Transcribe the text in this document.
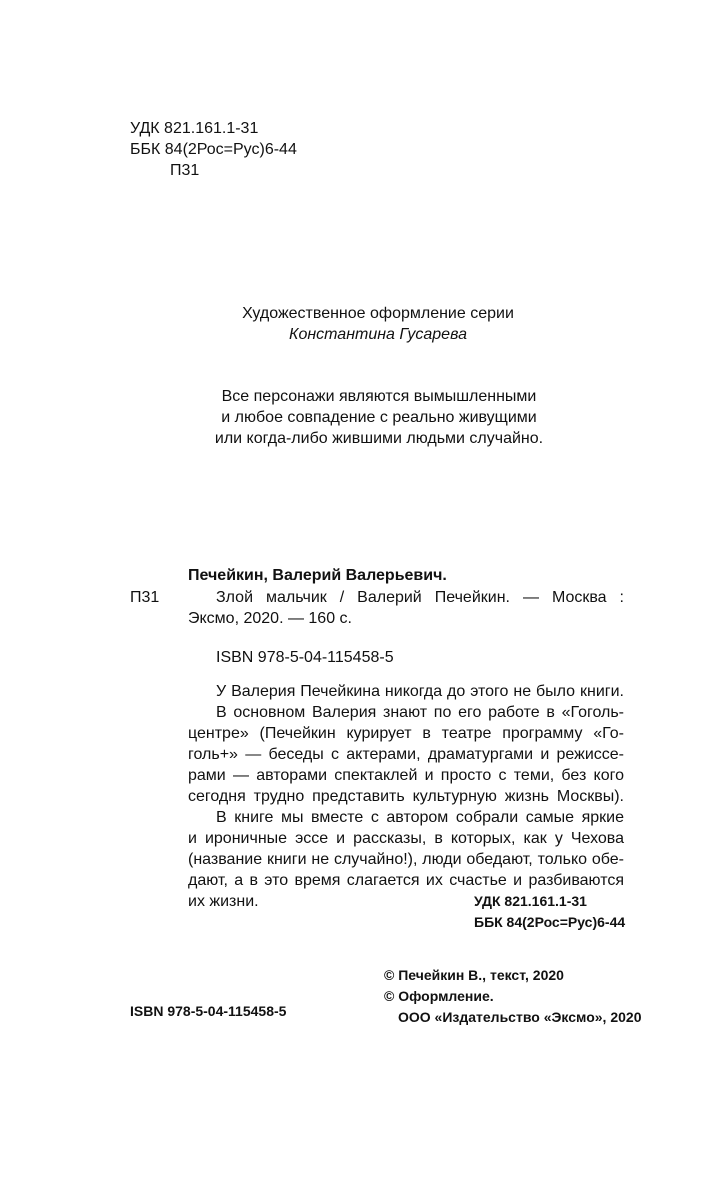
УДК 821.161.1-31
ББК 84(2Рос=Рус)6-44
П31
Художественное оформление серии
Константина Гусарева
Все персонажи являются вымышленными
и любое совпадение с реально живущими
или когда-либо жившими людьми случайно.
Печейкин, Валерий Валерьевич.
П31	Злой мальчик / Валерий Печейкин. — Москва :
Эксмо, 2020. — 160 с.
ISBN 978-5-04-115458-5
У Валерия Печейкина никогда до этого не было книги.
В основном Валерия знают по его работе в «Гоголь-
центре» (Печейкин курирует в театре программу «Го-
голь+» — беседы с актерами, драматургами и режиссе-
рами — авторами спектаклей и просто с теми, без кого
сегодня трудно представить культурную жизнь Москвы).
В книге мы вместе с автором собрали самые яркие
и ироничные эссе и рассказы, в которых, как у Чехова
(название книги не случайно!), люди обедают, только обе-
дают, а в это время слагается их счастье и разбиваются
их жизни.	УДК 821.161.1-31
ББК 84(2Рос=Рус)6-44
© Печейкин В., текст, 2020
© Оформление.
ООО «Издательство «Эксмо», 2020
ISBN 978-5-04-115458-5
